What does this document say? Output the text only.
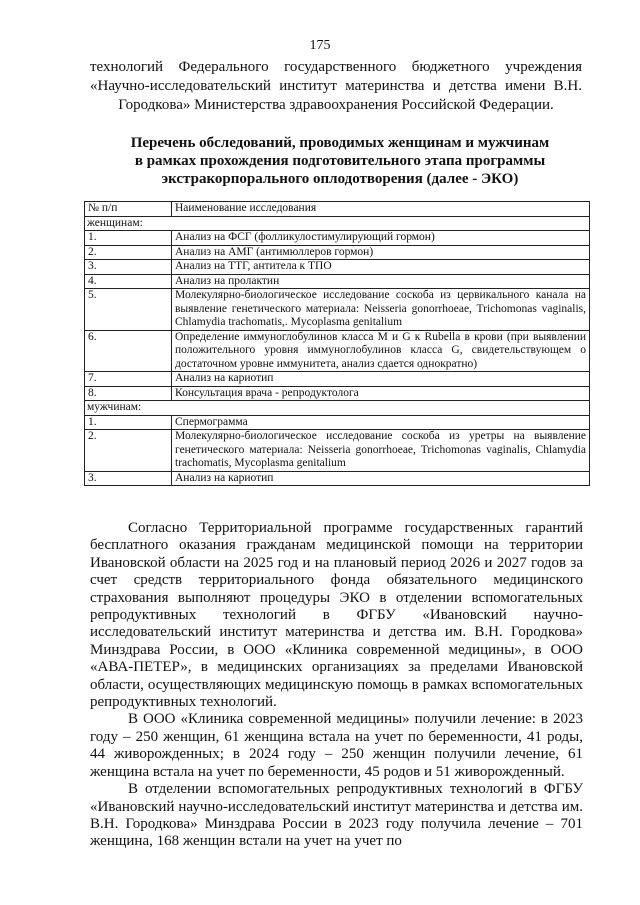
175
технологий Федерального государственного бюджетного учреждения «Научно-исследовательский институт материнства и детства имени В.Н. Городкова» Министерства здравоохранения Российской Федерации.
Перечень обследований, проводимых женщинам и мужчинам
в рамках прохождения подготовительного этапа программы
экстракорпорального оплодотворения (далее - ЭКО)
№ п/п	Наименование исследования
женщинам:	
1.	Анализ на ФСГ (фолликулостимулирующий гормон)
2.	Анализ на АМГ (антимюллеров гормон)
3.	Анализ на ТТГ, антитела к ТПО
4.	Анализ на пролактин
5.	Молекулярно-биологическое исследование соскоба из цервикального канала на выявление генетического материала: Neisseria gonorrhoeae, Trichomonas vaginalis, Chlamydia trachomatis,. Mycoplasma genitalium
6.	Определение иммуноглобулинов класса M и G к Rubella в крови (при выявлении положительного уровня иммуноглобулинов класса G, свидетельствующем о достаточном уровне иммунитета, анализ сдается однократно)
7.	Анализ на кариотип
8.	Консультация врача - репродуктолога
мужчинам:	
1.	Спермограмма
2.	Молекулярно-биологическое исследование соскоба из уретры на выявление генетического материала: Neisseria gonorrhoeae, Trichomonas vaginalis, Chlamydia trachomatis, Mycoplasma genitalium
3.	Анализ на кариотип

Согласно Территориальной программе государственных гарантий бесплатного оказания гражданам медицинской помощи на территории Ивановской области на 2025 год и на плановый период 2026 и 2027 годов за счет средств территориального фонда обязательного медицинского страхования выполняют процедуры ЭКО в отделении вспомогательных репродуктивных технологий в ФГБУ «Ивановский научно-исследовательский институт материнства и детства им. В.Н. Городкова» Минздрава России, в ООО «Клиника современной медицины», в ООО «АВА-ПЕТЕР», в медицинских организациях за пределами Ивановской области, осуществляющих медицинскую помощь в рамках вспомогательных репродуктивных технологий.

В ООО «Клиника современной медицины» получили лечение: в 2023 году – 250 женщин, 61 женщина встала на учет по беременности, 41 роды, 44 живорожденных; в 2024 году – 250 женщин получили лечение, 61 женщина встала на учет по беременности, 45 родов и 51 живорожденный.

В отделении вспомогательных репродуктивных технологий в ФГБУ «Ивановский научно-исследовательский институт материнства и детства им. В.Н. Городкова» Минздрава России в 2023 году получила лечение – 701 женщина, 168 женщин встали на учет на учет по
